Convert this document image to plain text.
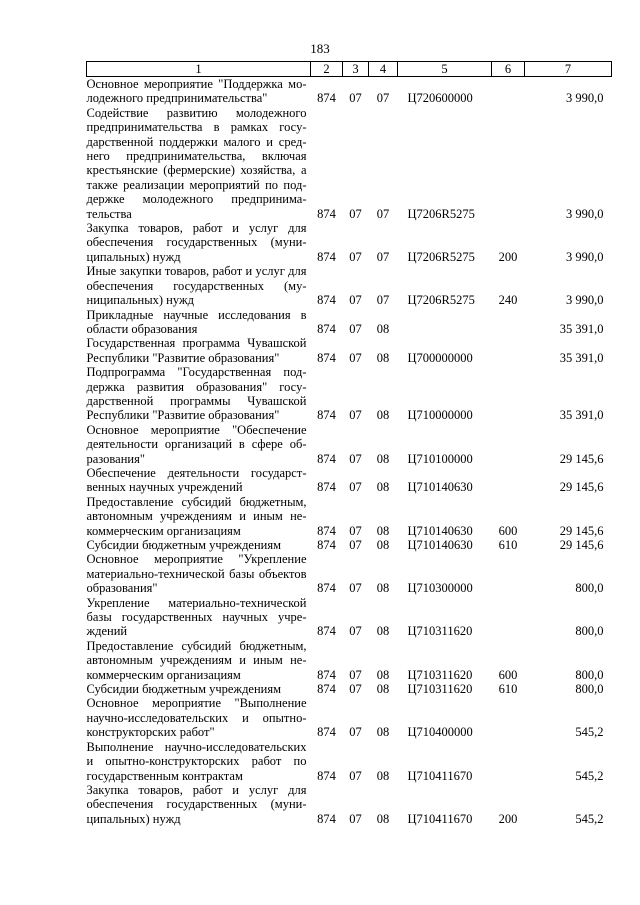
183
1	2	3	4	5	6	7
Основное мероприятие "Поддержка молодежного предпринимательства"	874	07	07	Ц720600000		3 990,0
Содействие развитию молодежного предпринимательства в рамках государственной поддержки малого и среднего предпринимательства, включая крестьянские (фермерские) хозяйства, а также реализации мероприятий по поддержке молодежного предпринимательства	874	07	07	Ц7206R5275		3 990,0
Закупка товаров, работ и услуг для обеспечения государственных (муниципальных) нужд	874	07	07	Ц7206R5275	200	3 990,0
Иные закупки товаров, работ и услуг для обеспечения государственных (муниципальных) нужд	874	07	07	Ц7206R5275	240	3 990,0
Прикладные научные исследования в области образования	874	07	08			35 391,0
Государственная программа Чувашской Республики "Развитие образования"	874	07	08	Ц700000000		35 391,0
Подпрограмма "Государственная поддержка развития образования" государственной программы Чувашской Республики "Развитие образования"	874	07	08	Ц710000000		35 391,0
Основное мероприятие "Обеспечение деятельности организаций в сфере образования"	874	07	08	Ц710100000		29 145,6
Обеспечение деятельности государственных научных учреждений	874	07	08	Ц710140630		29 145,6
Предоставление субсидий бюджетным, автономным учреждениям и иным некоммерческим организациям	874	07	08	Ц710140630	600	29 145,6
Субсидии бюджетным учреждениям	874	07	08	Ц710140630	610	29 145,6
Основное мероприятие "Укрепление материально-технической базы объектов образования"	874	07	08	Ц710300000		800,0
Укрепление материально-технической базы государственных научных учреждений	874	07	08	Ц710311620		800,0
Предоставление субсидий бюджетным, автономным учреждениям и иным некоммерческим организациям	874	07	08	Ц710311620	600	800,0
Субсидии бюджетным учреждениям	874	07	08	Ц710311620	610	800,0
Основное мероприятие "Выполнение научно-исследовательских и опытно-конструкторских работ"	874	07	08	Ц710400000		545,2
Выполнение научно-исследовательских и опытно-конструкторских работ по государственным контрактам	874	07	08	Ц710411670		545,2
Закупка товаров, работ и услуг для обеспечения государственных (муниципальных) нужд	874	07	08	Ц710411670	200	545,2
